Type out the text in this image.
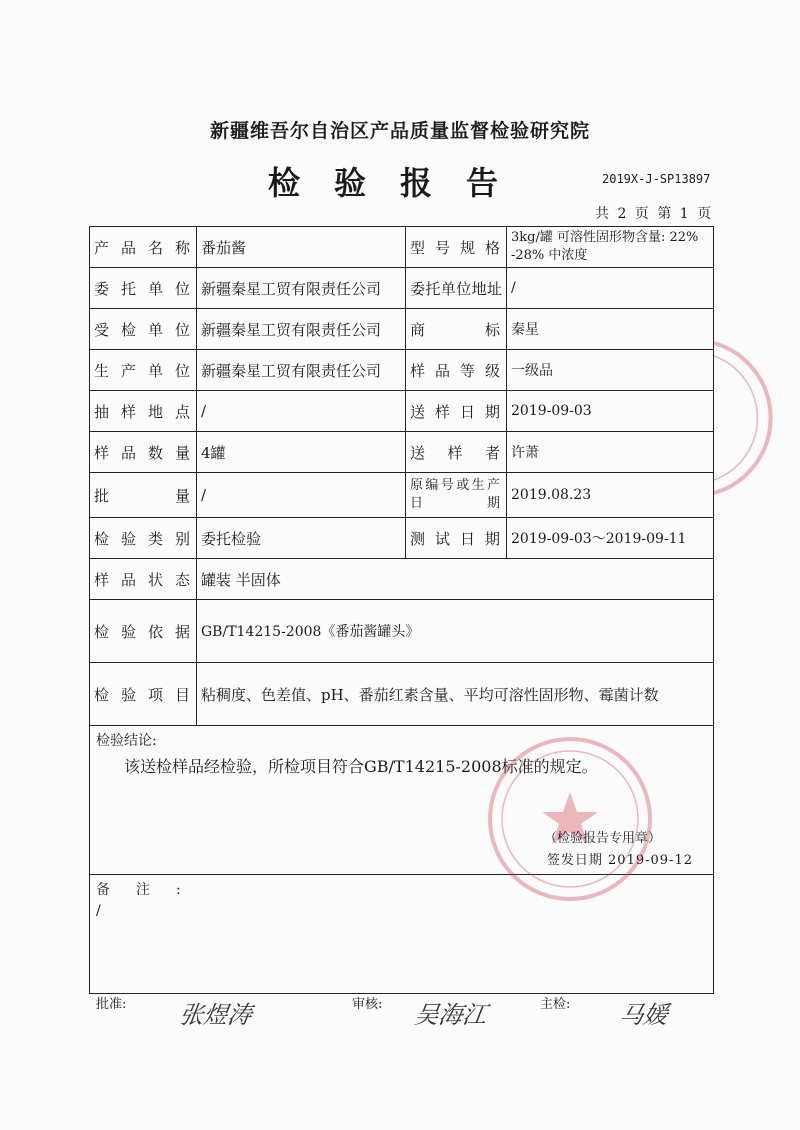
新疆维吾尔自治区产品质量监督检验研究院
检验报告	2019X-J-SP13897
共 2 页 第 1 页
产品名称	番茄酱	型号规格	3kg/罐 可溶性固形物含量: 22% -28% 中浓度
委托单位	新疆秦星工贸有限责任公司	委托单位地址	/
受检单位	新疆秦星工贸有限责任公司	商 标	秦星
生产单位	新疆秦星工贸有限责任公司	样品等级	一级品
抽样地点	/	送样日期	2019-09-03
样品数量	4罐	送 样 者	许萧
批 量	/	原编号或生产日期	2019.08.23
检验类别	委托检验	测试日期	2019-09-03～2019-09-11
样品状态	罐装 半固体		
检验依据	GB/T14215-2008《番茄酱罐头》		
检验项目	粘稠度、色差值、pH、番茄红素含量、平均可溶性固形物、霉菌计数		

检验结论:
该送检样品经检验，所检项目符合GB/T14215-2008标准的规定。
（检验报告专用章）
签发日期 2019-09-12			

备注:
/			
批准: 张煜涛	审核: 吴海江	主检: 马媛
